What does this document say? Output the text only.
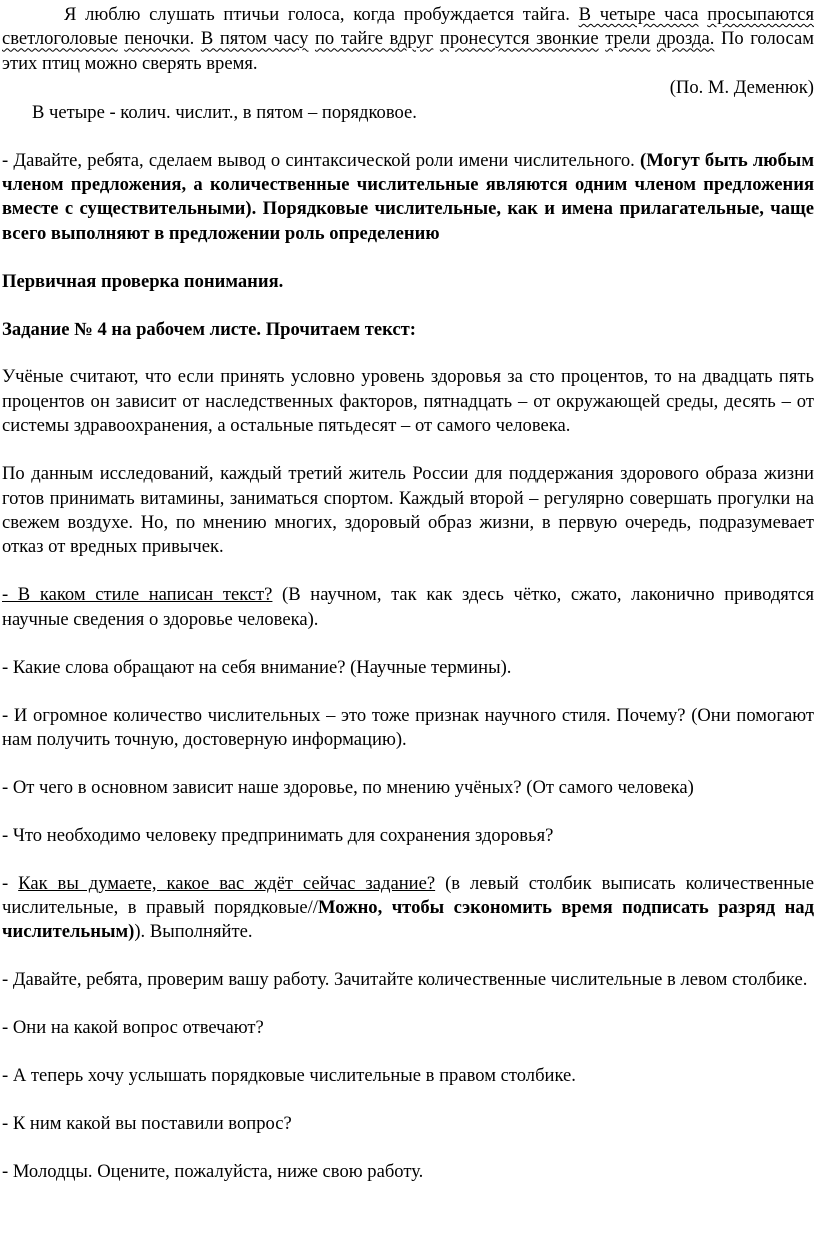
Я люблю слушать птичьи голоса, когда пробуждается тайга. В четыре часа просыпаются светлоголовые пеночки. В пятом часу по тайге вдруг пронесутся звонкие трели дрозда. По голосам этих птиц можно сверять время.

(По. М. Деменюк)

В четыре - колич. числит., в пятом – порядковое.

- Давайте, ребята, сделаем вывод о синтаксической роли имени числительного. (Могут быть любым членом предложения, а количественные числительные являются одним членом предложения вместе с существительными). Порядковые числительные, как и имена прилагательные, чаще всего выполняют в предложении роль определению

Первичная проверка понимания.

Задание № 4 на рабочем листе. Прочитаем текст:

Учёные считают, что если принять условно уровень здоровья за сто процентов, то на двадцать пять процентов он зависит от наследственных факторов, пятнадцать – от окружающей среды, десять – от системы здравоохранения, а остальные пятьдесят – от самого человека.

По данным исследований, каждый третий житель России для поддержания здорового образа жизни готов принимать витамины, заниматься спортом. Каждый второй – регулярно совершать прогулки на свежем воздухе. Но, по мнению многих, здоровый образ жизни, в первую очередь, подразумевает отказ от вредных привычек.

- В каком стиле написан текст? (В научном, так как здесь чётко, сжато, лаконично приводятся научные сведения о здоровье человека).

- Какие слова обращают на себя внимание? (Научные термины).

- И огромное количество числительных – это тоже признак научного стиля. Почему? (Они помогают нам получить точную, достоверную информацию).

- От чего в основном зависит наше здоровье, по мнению учёных? (От самого человека)

- Что необходимо человеку предпринимать для сохранения здоровья?

- Как вы думаете, какое вас ждёт сейчас задание? (в левый столбик выписать количественные числительные, в правый порядковые//Можно, чтобы сэкономить время подписать разряд над числительным)). Выполняйте.

- Давайте, ребята, проверим вашу работу. Зачитайте количественные числительные в левом столбике.

- Они на какой вопрос отвечают?

- А теперь хочу услышать порядковые числительные в правом столбике.

- К ним какой вы поставили вопрос?

- Молодцы. Оцените, пожалуйста, ниже свою работу.
